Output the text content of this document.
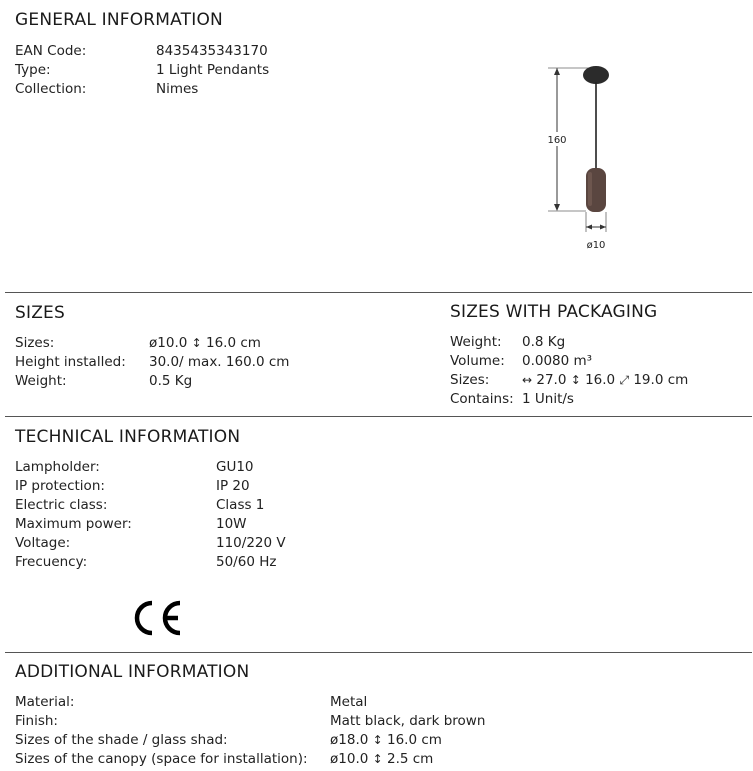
GENERAL INFORMATION
EAN Code:	8435435343170
Type:	1 Light Pendants
Collection:	Nimes
160
ø10
SIZES
Sizes:	ø10.0 ↕ 16.0 cm
Height installed: 30.0/ max. 160.0 cm
Weight:	0.5 Kg
SIZES WITH PACKAGING
Weight: 0.8 Kg
Volume: 0.0080 m³
Sizes:	↔ 27.0 ↕ 16.0 ⤢ 19.0 cm
Contains: 1 Unit/s
TECHNICAL INFORMATION
Lampholder:	GU10
IP protection:	IP 20
Electric class:	Class 1
Maximum power:	10W
Voltage:	110/220 V
Frecuency:	50/60 Hz
ADDITIONAL INFORMATION
Material:	Metal
Finish:	Matt black, dark brown
Sizes of the shade / glass shad:	ø18.0 ↕ 16.0 cm
Sizes of the canopy (space for installation): ø10.0 ↕ 2.5 cm
